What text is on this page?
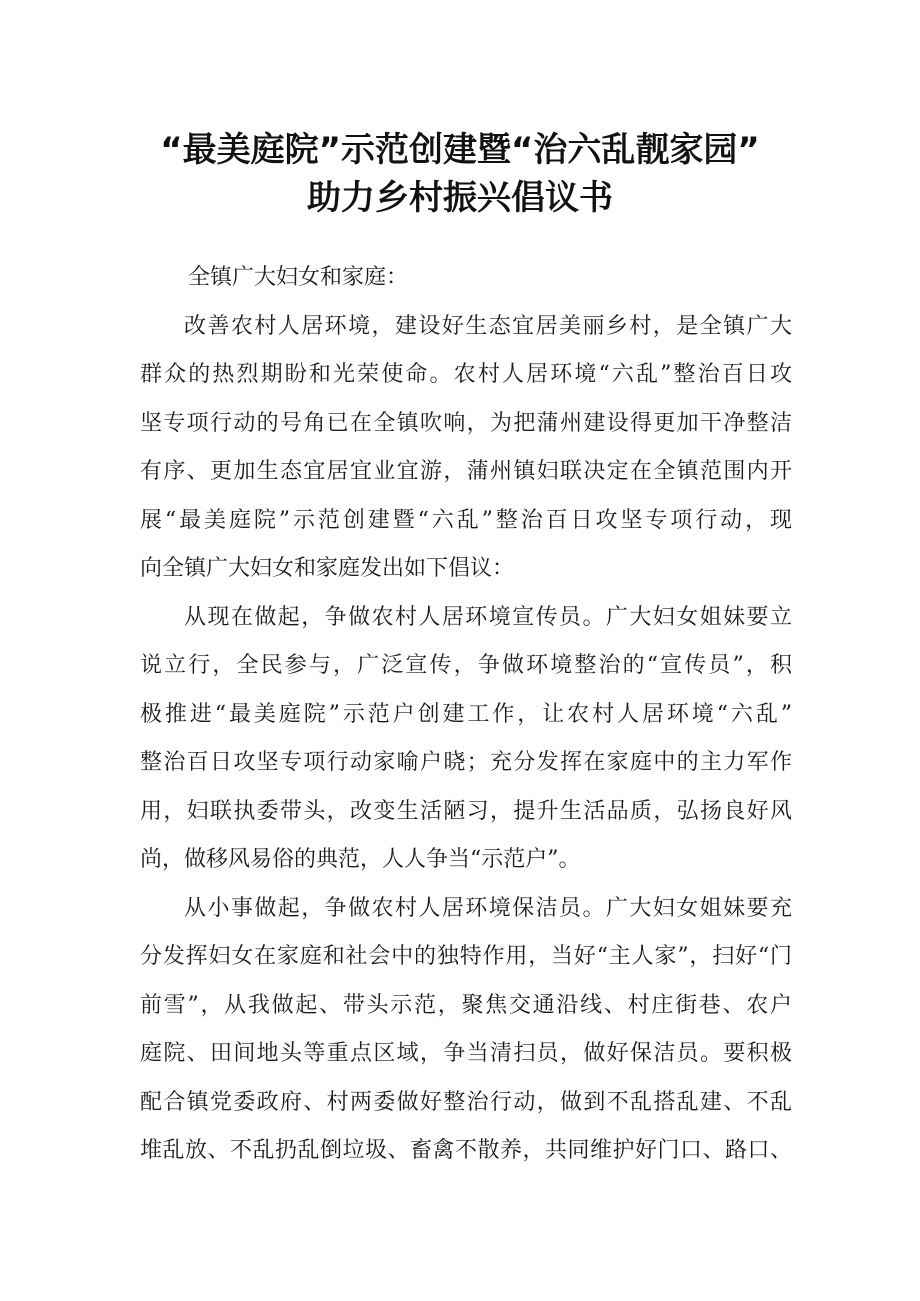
“最美庭院”示范创建暨“治六乱靓家园”
助力乡村振兴倡议书
全镇广大妇女和家庭：
改善农村人居环境，建设好生态宜居美丽乡村，是全镇广大
群众的热烈期盼和光荣使命。农村人居环境“六乱”整治百日攻
坚专项行动的号角已在全镇吹响，为把蒲州建设得更加干净整洁
有序、更加生态宜居宜业宜游，蒲州镇妇联决定在全镇范围内开
展“最美庭院”示范创建暨“六乱”整治百日攻坚专项行动，现
向全镇广大妇女和家庭发出如下倡议：
从现在做起，争做农村人居环境宣传员。广大妇女姐妹要立
说立行，全民参与，广泛宣传，争做环境整治的“宣传员”，积
极推进“最美庭院”示范户创建工作，让农村人居环境“六乱”
整治百日攻坚专项行动家喻户晓；充分发挥在家庭中的主力军作
用，妇联执委带头，改变生活陋习，提升生活品质，弘扬良好风
尚，做移风易俗的典范，人人争当“示范户”。
从小事做起，争做农村人居环境保洁员。广大妇女姐妹要充
分发挥妇女在家庭和社会中的独特作用，当好“主人家”，扫好“门
前雪”，从我做起、带头示范，聚焦交通沿线、村庄街巷、农户
庭院、田间地头等重点区域，争当清扫员，做好保洁员。要积极
配合镇党委政府、村两委做好整治行动，做到不乱搭乱建、不乱
堆乱放、不乱扔乱倒垃圾、畜禽不散养，共同维护好门口、路口、
